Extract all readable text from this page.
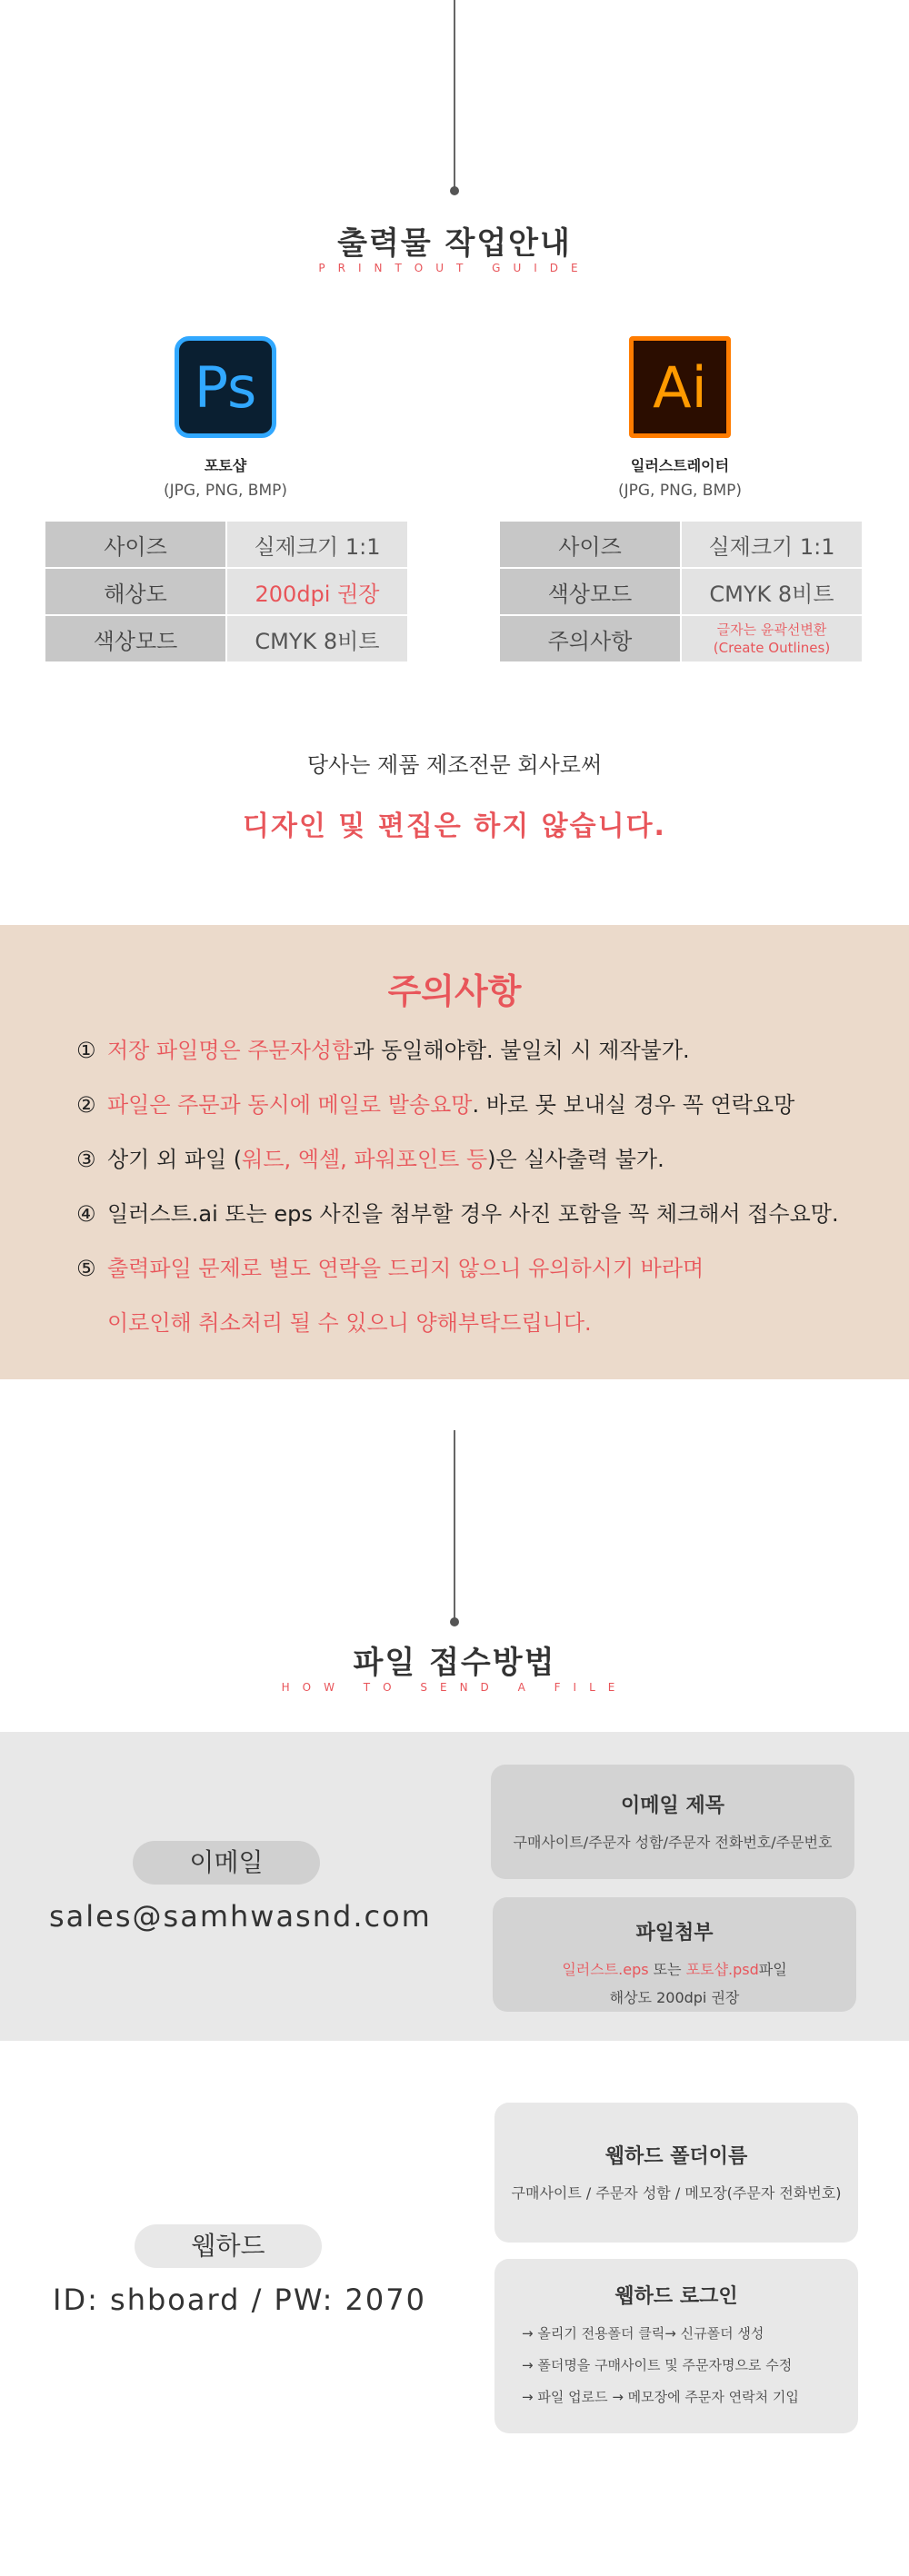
출력물 작업안내
PRINTOUT GUIDE
Ps
포토샵
(JPG, PNG, BMP)
사이즈	실제크기 1:1
해상도	200dpi 권장
색상모드	CMYK 8비트
Ai
일러스트레이터
(JPG, PNG, BMP)
사이즈	실제크기 1:1
색상모드	CMYK 8비트
주의사항	글자는 윤곽선변환
(Create Outlines)
당사는 제품 제조전문 회사로써
디자인 및 편집은 하지 않습니다.
주의사항
① 저장 파일명은 주문자성함과 동일해야함. 불일치 시 제작불가.
② 파일은 주문과 동시에 메일로 발송요망. 바로 못 보내실 경우 꼭 연락요망
③ 상기 외 파일 (워드, 엑셀, 파워포인트 등)은 실사출력 불가.
④ 일러스트.ai 또는 eps 사진을 첨부할 경우 사진 포함을 꼭 체크해서 접수요망.
⑤ 출력파일 문제로 별도 연락을 드리지 않으니 유의하시기 바라며
이로인해 취소처리 될 수 있으니 양해부탁드립니다.
파일 접수방법
HOW TO SEND A FILE
이메일
sales@samhwasnd.com
이메일 제목

구매사이트/주문자 성함/주문자 전화번호/주문번호

파일첨부

일러스트.eps 또는 포토샵.psd파일

해상도 200dpi 권장

웹하드
ID: shboard / PW: 2070
웹하드 폴더이름

구매사이트 / 주문자 성함 / 메모장(주문자 전화번호)

웹하드 로그인

→ 올리기 전용폴더 클릭→ 신규폴더 생성

→ 폴더명을 구매사이트 및 주문자명으로 수정

→ 파일 업로드 → 메모장에 주문자 연락처 기입
